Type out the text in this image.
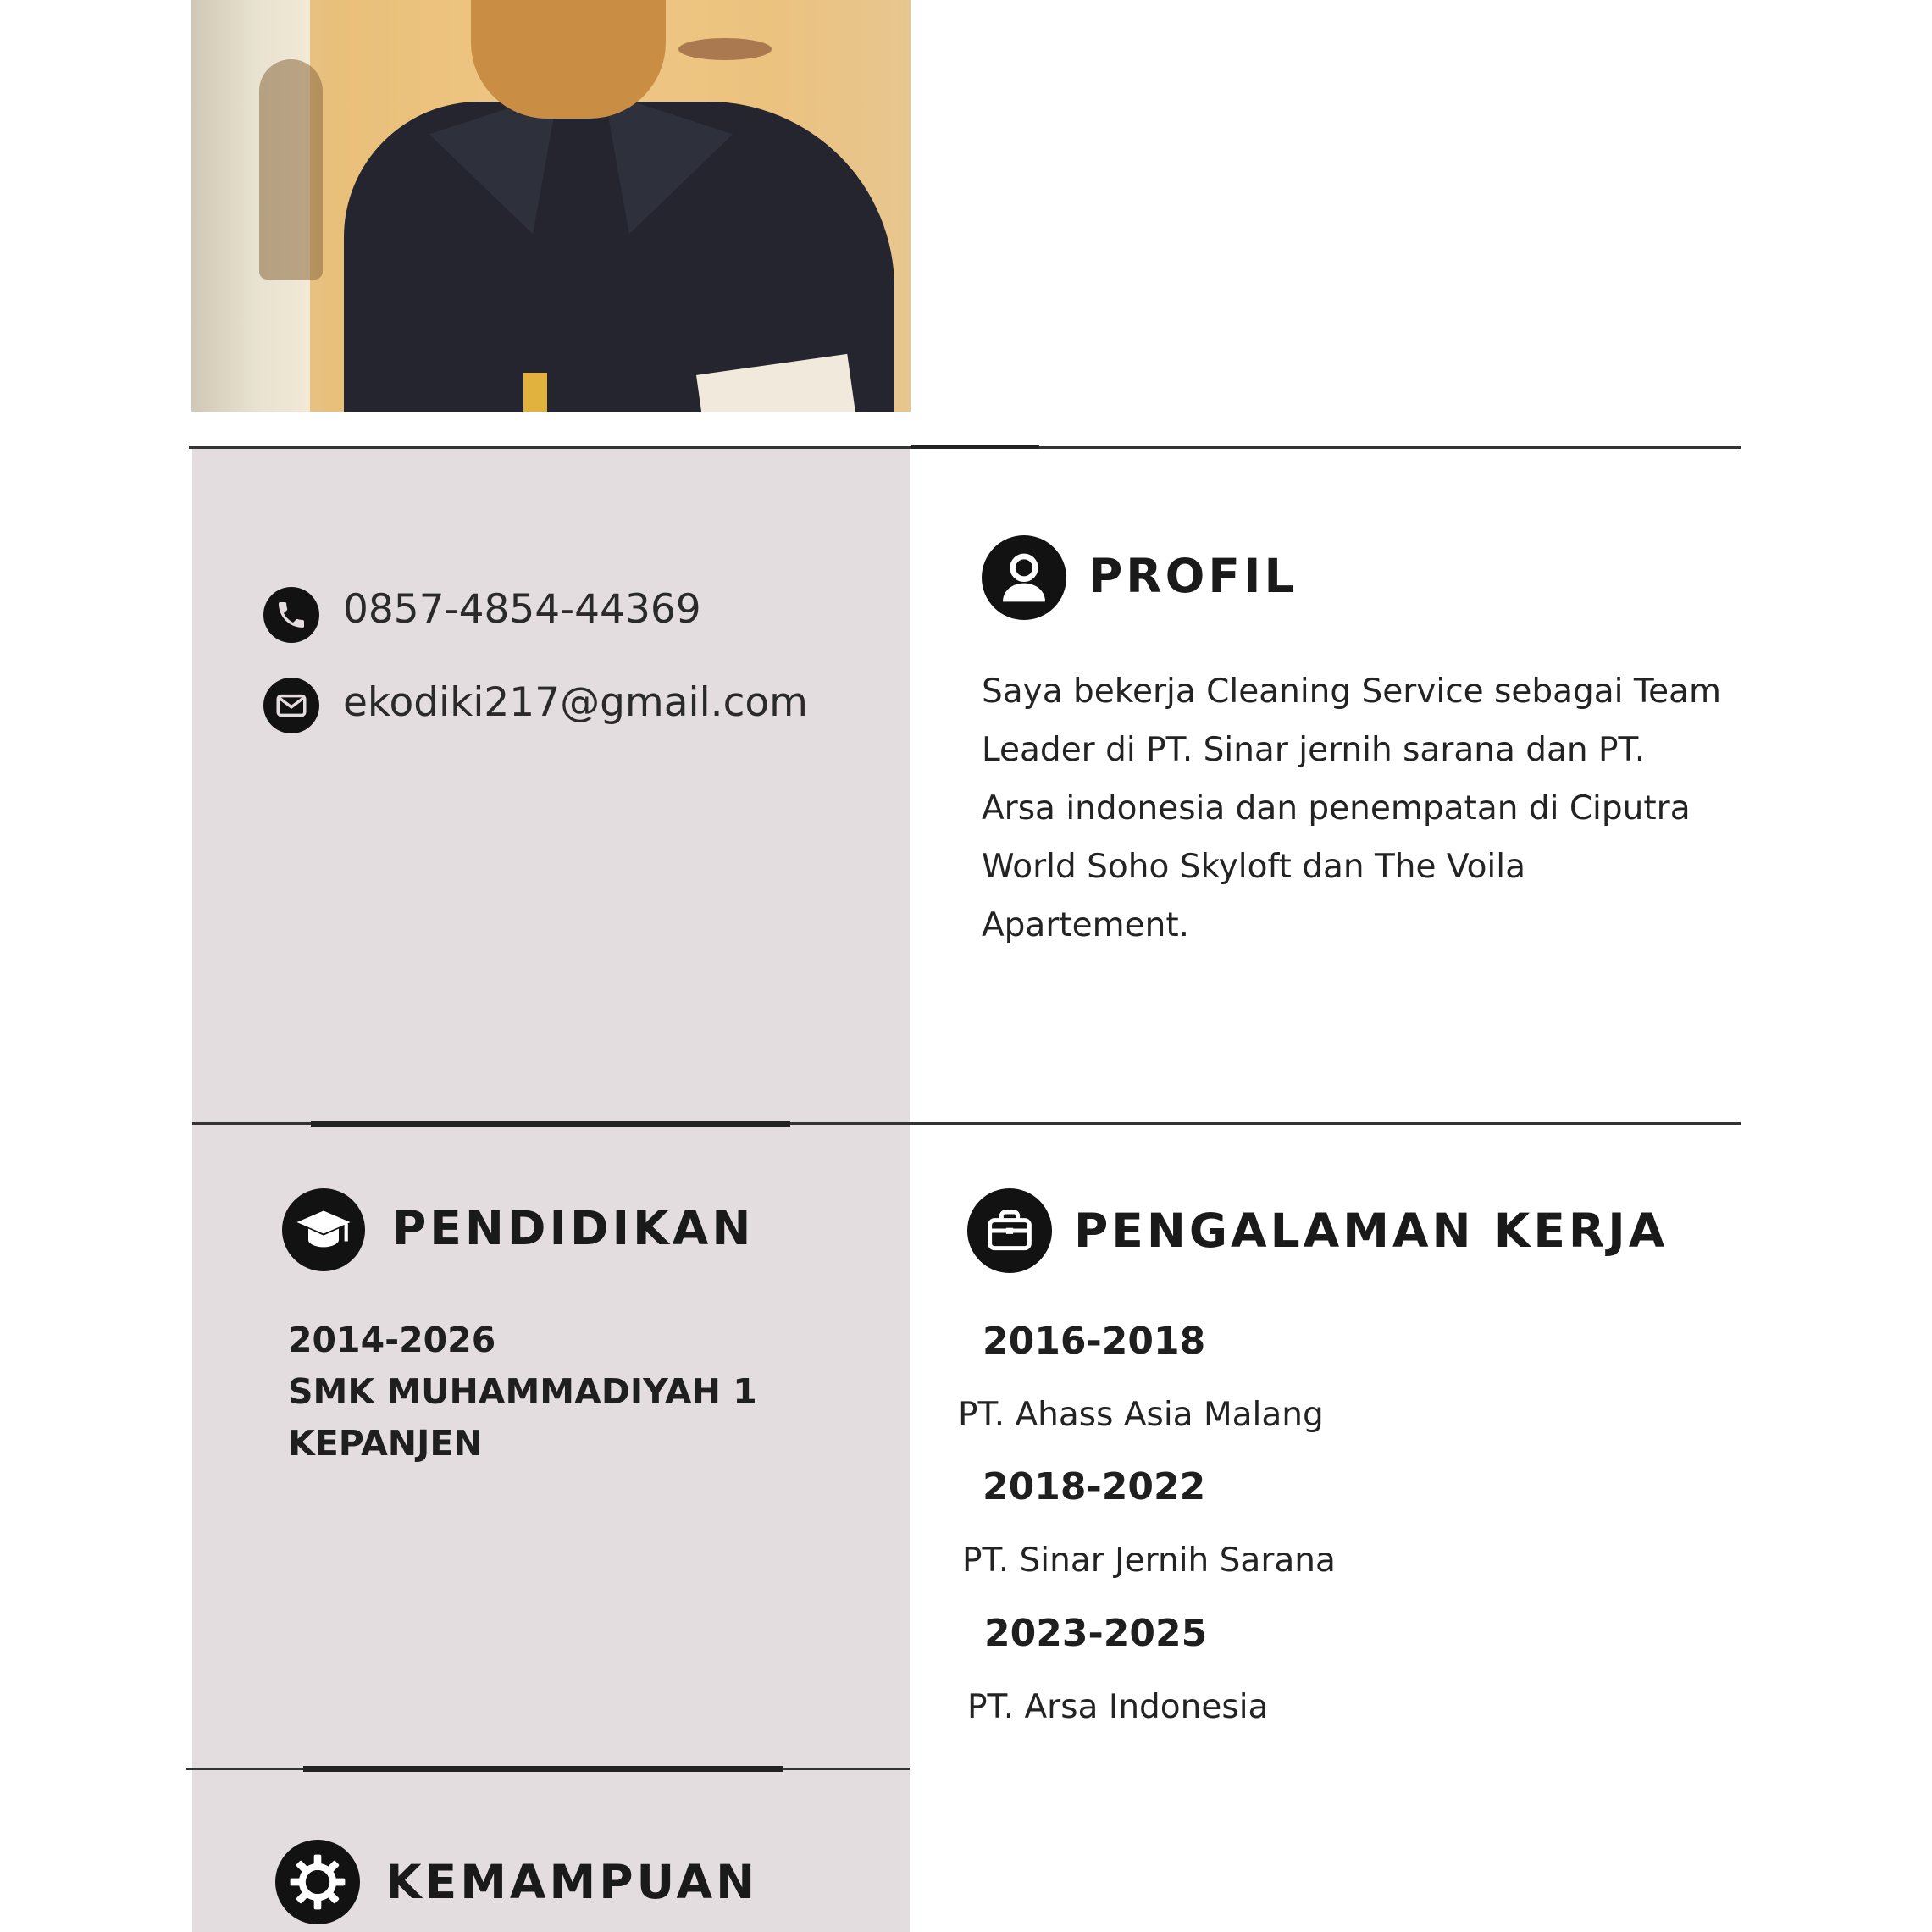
0857-4854-44369
ekodiki217@gmail.com
PROFIL
Saya bekerja Cleaning Service sebagai Team Leader di PT. Sinar jernih sarana dan PT. Arsa indonesia dan penempatan di Ciputra World Soho Skyloft dan The Voila Apartement.
PENDIDIKAN
2014-2026
SMK MUHAMMADIYAH 1
KEPANJEN
PENGALAMAN KERJA
2016-2018
PT. Ahass Asia Malang
2018-2022
PT. Sinar Jernih Sarana
2023-2025
PT. Arsa Indonesia
KEMAMPUAN
